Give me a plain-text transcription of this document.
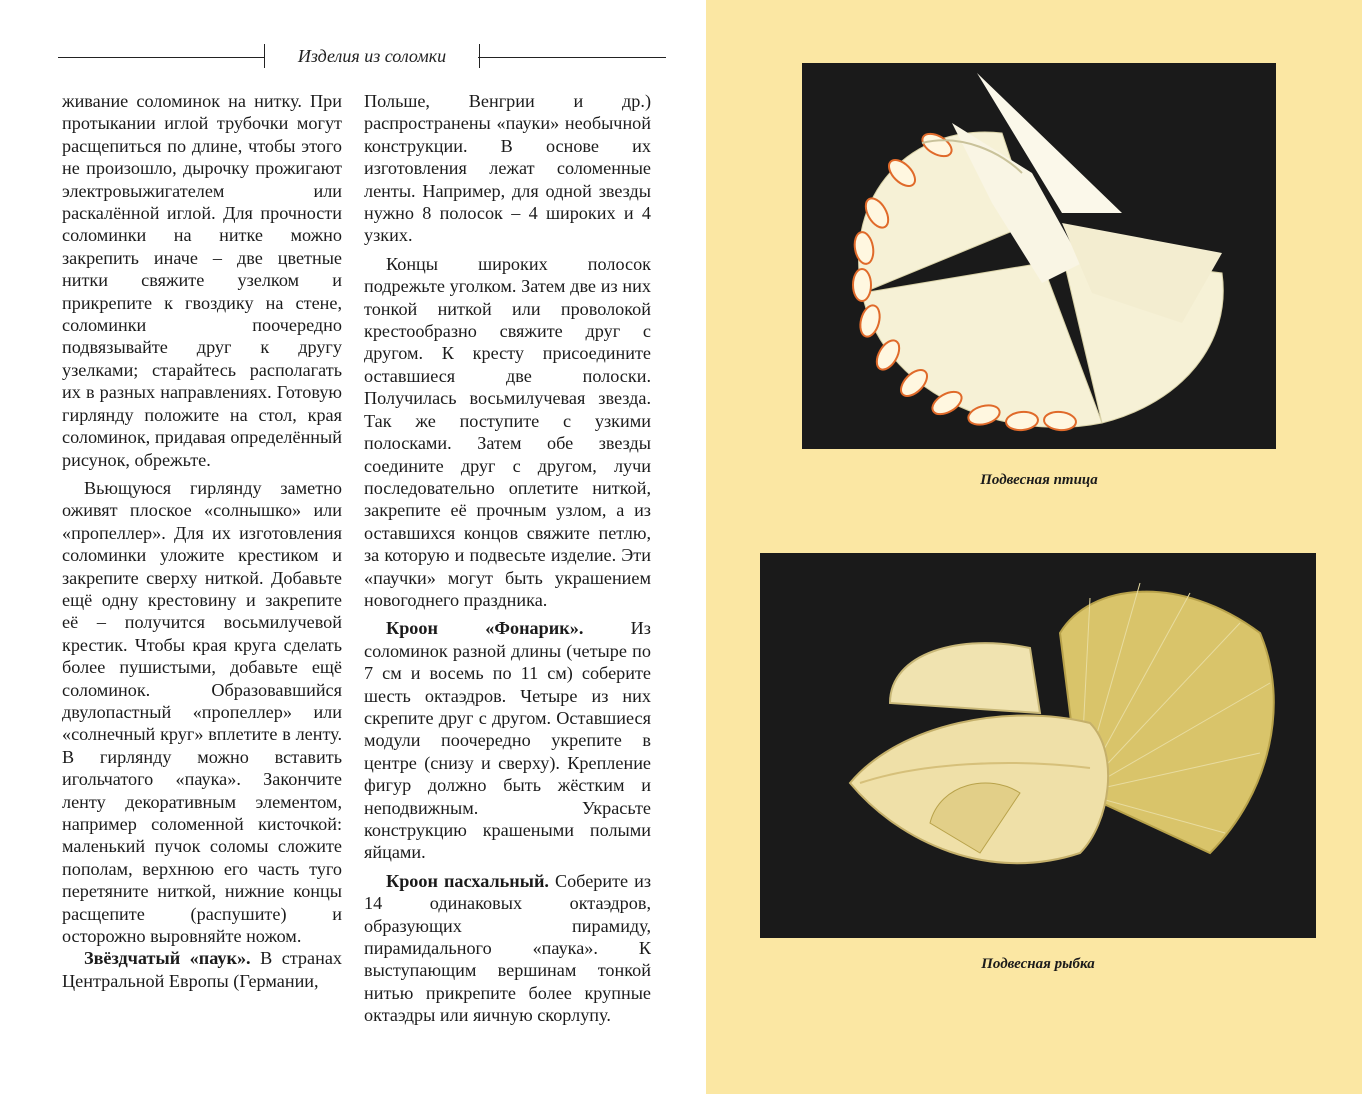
Изделия из соломки

живание соломинок на нитку. При протыкании иглой трубочки могут расщепиться по длине, чтобы этого не произошло, дырочку прожигают электровыжигателем или раскалённой иглой. Для прочности соломинки на нитке можно закрепить иначе – две цветные нитки свяжите узелком и прикрепите к гвоздику на стене, соломинки поочередно подвязывайте друг к другу узелками; старайтесь располагать их в разных направлениях. Готовую гирлянду положите на стол, края соломинок, придавая определённый рисунок, обрежьте.

Вьющуюся гирлянду заметно оживят плоское «солнышко» или «пропеллер». Для их изготовления соломинки уложите крестиком и закрепите сверху ниткой. Добавьте ещё одну крестовину и закрепите её – получится восьмилучевой крестик. Чтобы края круга сделать более пушистыми, добавьте ещё соломинок. Образовавшийся двулопастный «пропеллер» или «солнечный круг» вплетите в ленту. В гирлянду можно вставить игольчатого «паука». Закончите ленту декоративным элементом, например соломенной кисточкой: маленький пучок соломы сложите пополам, верхнюю его часть туго перетяните ниткой, нижние концы расщепите (распушите) и осторожно выровняйте ножом.

Звёздчатый «паук». В странах Центральной Европы (Германии,

Польше, Венгрии и др.) распространены «пауки» необычной конструкции. В основе их изготовления лежат соломенные ленты. Например, для одной звезды нужно 8 полосок – 4 широких и 4 узких.

Концы широких полосок подрежьте уголком. Затем две из них тонкой ниткой или проволокой крестообразно свяжите друг с другом. К кресту присоедините оставшиеся две полоски. Получилась восьмилучевая звезда. Так же поступите с узкими полосками. Затем обе звезды соедините друг с другом, лучи последовательно оплетите ниткой, закрепите её прочным узлом, а из оставшихся концов свяжите петлю, за которую и подвесьте изделие. Эти «паучки» могут быть украшением новогоднего праздника.

Кроон «Фонарик». Из соломинок разной длины (четыре по 7 см и восемь по 11 см) соберите шесть октаэдров. Четыре из них скрепите друг с другом. Оставшиеся модули поочередно укрепите в центре (снизу и сверху). Крепление фигур должно быть жёстким и неподвижным. Украсьте конструкцию крашеными полыми яйцами.

Кроон пасхальный. Соберите из 14 одинаковых октаэдров, образующих пирамиду, пирамидального «паука». К выступающим вершинам тонкой нитью прикрепите более крупные октаэдры или яичную скорлупу.

Подвесная птица
Подвесная рыбка
